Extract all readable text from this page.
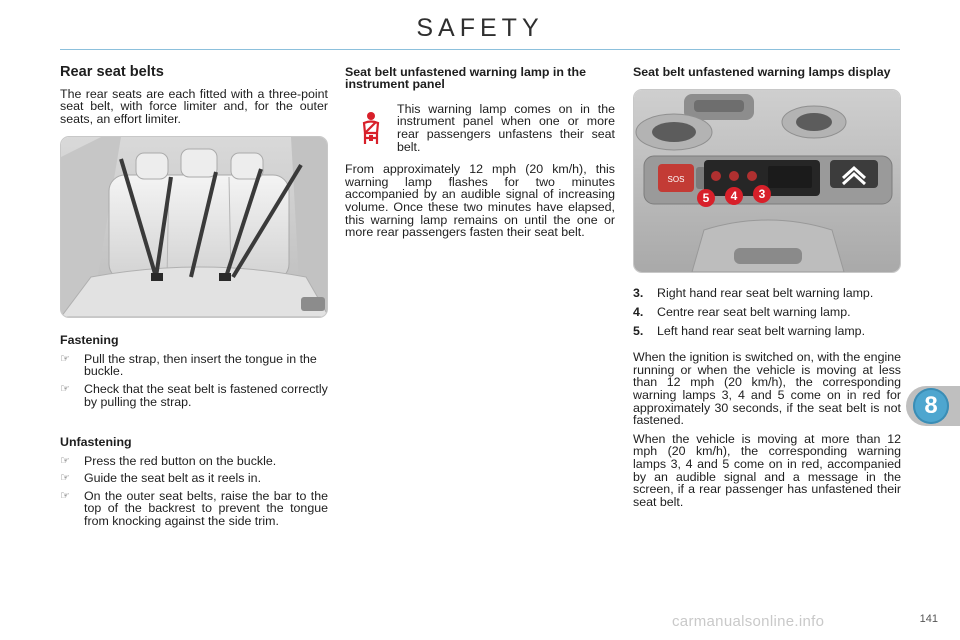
SAFETY
Rear seat belts
The rear seats are each fitted with a three-point seat belt, with force limiter and, for the outer seats, an effort limiter.
Fastening
☞ Pull the strap, then insert the tongue in the buckle.
☞ Check that the seat belt is fastened correctly by pulling the strap.
Unfastening
☞ Press the red button on the buckle.
☞ Guide the seat belt as it reels in.
☞ On the outer seat belts, raise the bar to the top of the backrest to prevent the tongue from knocking against the side trim.
Seat belt unfastened warning lamp in the instrument panel
This warning lamp comes on in the instrument panel when one or more rear passengers unfastens their seat belt.
From approximately 12 mph (20 km/h), this warning lamp flashes for two minutes accompanied by an audible signal of increasing volume. Once these two minutes have elapsed, this warning lamp remains on until the one or more rear passengers fasten their seat belt.
Seat belt unfastened warning lamps display
SOS
5 4 3
3. Right hand rear seat belt warning lamp.
4. Centre rear seat belt warning lamp.
5. Left hand rear seat belt warning lamp.
When the ignition is switched on, with the engine running or when the vehicle is moving at less than 12 mph (20 km/h), the corresponding warning lamps 3, 4 and 5 come on in red for approximately 30 seconds, if the seat belt is not fastened.
When the vehicle is moving at more than 12 mph (20 km/h), the corresponding warning lamps 3, 4 and 5 come on in red, accompanied by an audible signal and a message in the screen, if a rear passenger has unfastened their seat belt.
8
carmanualsonline.info	141
